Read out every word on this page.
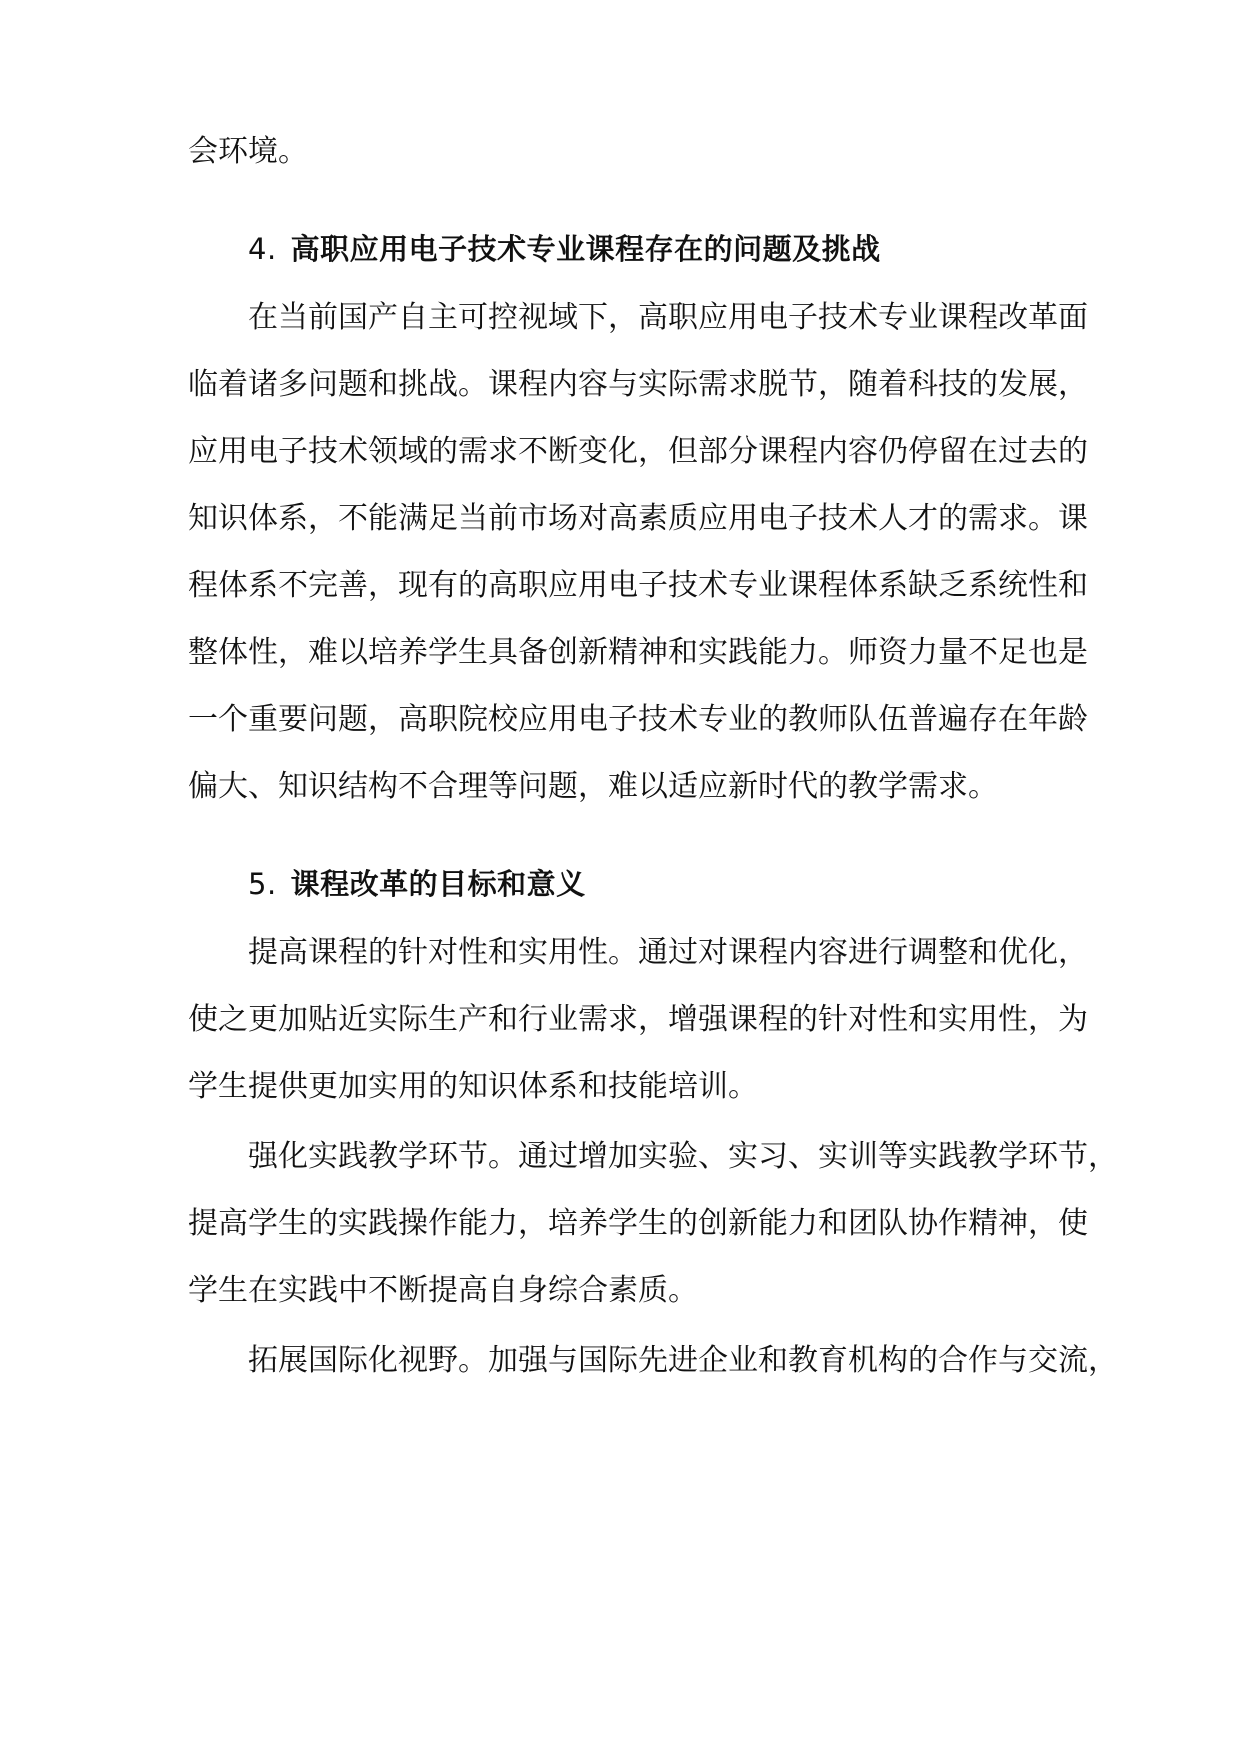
会环境。
4. 高职应用电子技术专业课程存在的问题及挑战
在当前国产自主可控视域下，高职应用电子技术专业课程改革面
临着诸多问题和挑战。课程内容与实际需求脱节，随着科技的发展，
应用电子技术领域的需求不断变化，但部分课程内容仍停留在过去的
知识体系，不能满足当前市场对高素质应用电子技术人才的需求。课
程体系不完善，现有的高职应用电子技术专业课程体系缺乏系统性和
整体性，难以培养学生具备创新精神和实践能力。师资力量不足也是
一个重要问题，高职院校应用电子技术专业的教师队伍普遍存在年龄
偏大、知识结构不合理等问题，难以适应新时代的教学需求。
5. 课程改革的目标和意义
提高课程的针对性和实用性。通过对课程内容进行调整和优化，
使之更加贴近实际生产和行业需求，增强课程的针对性和实用性，为
学生提供更加实用的知识体系和技能培训。
强化实践教学环节。通过增加实验、实习、实训等实践教学环节，
提高学生的实践操作能力，培养学生的创新能力和团队协作精神，使
学生在实践中不断提高自身综合素质。
拓展国际化视野。加强与国际先进企业和教育机构的合作与交流，
